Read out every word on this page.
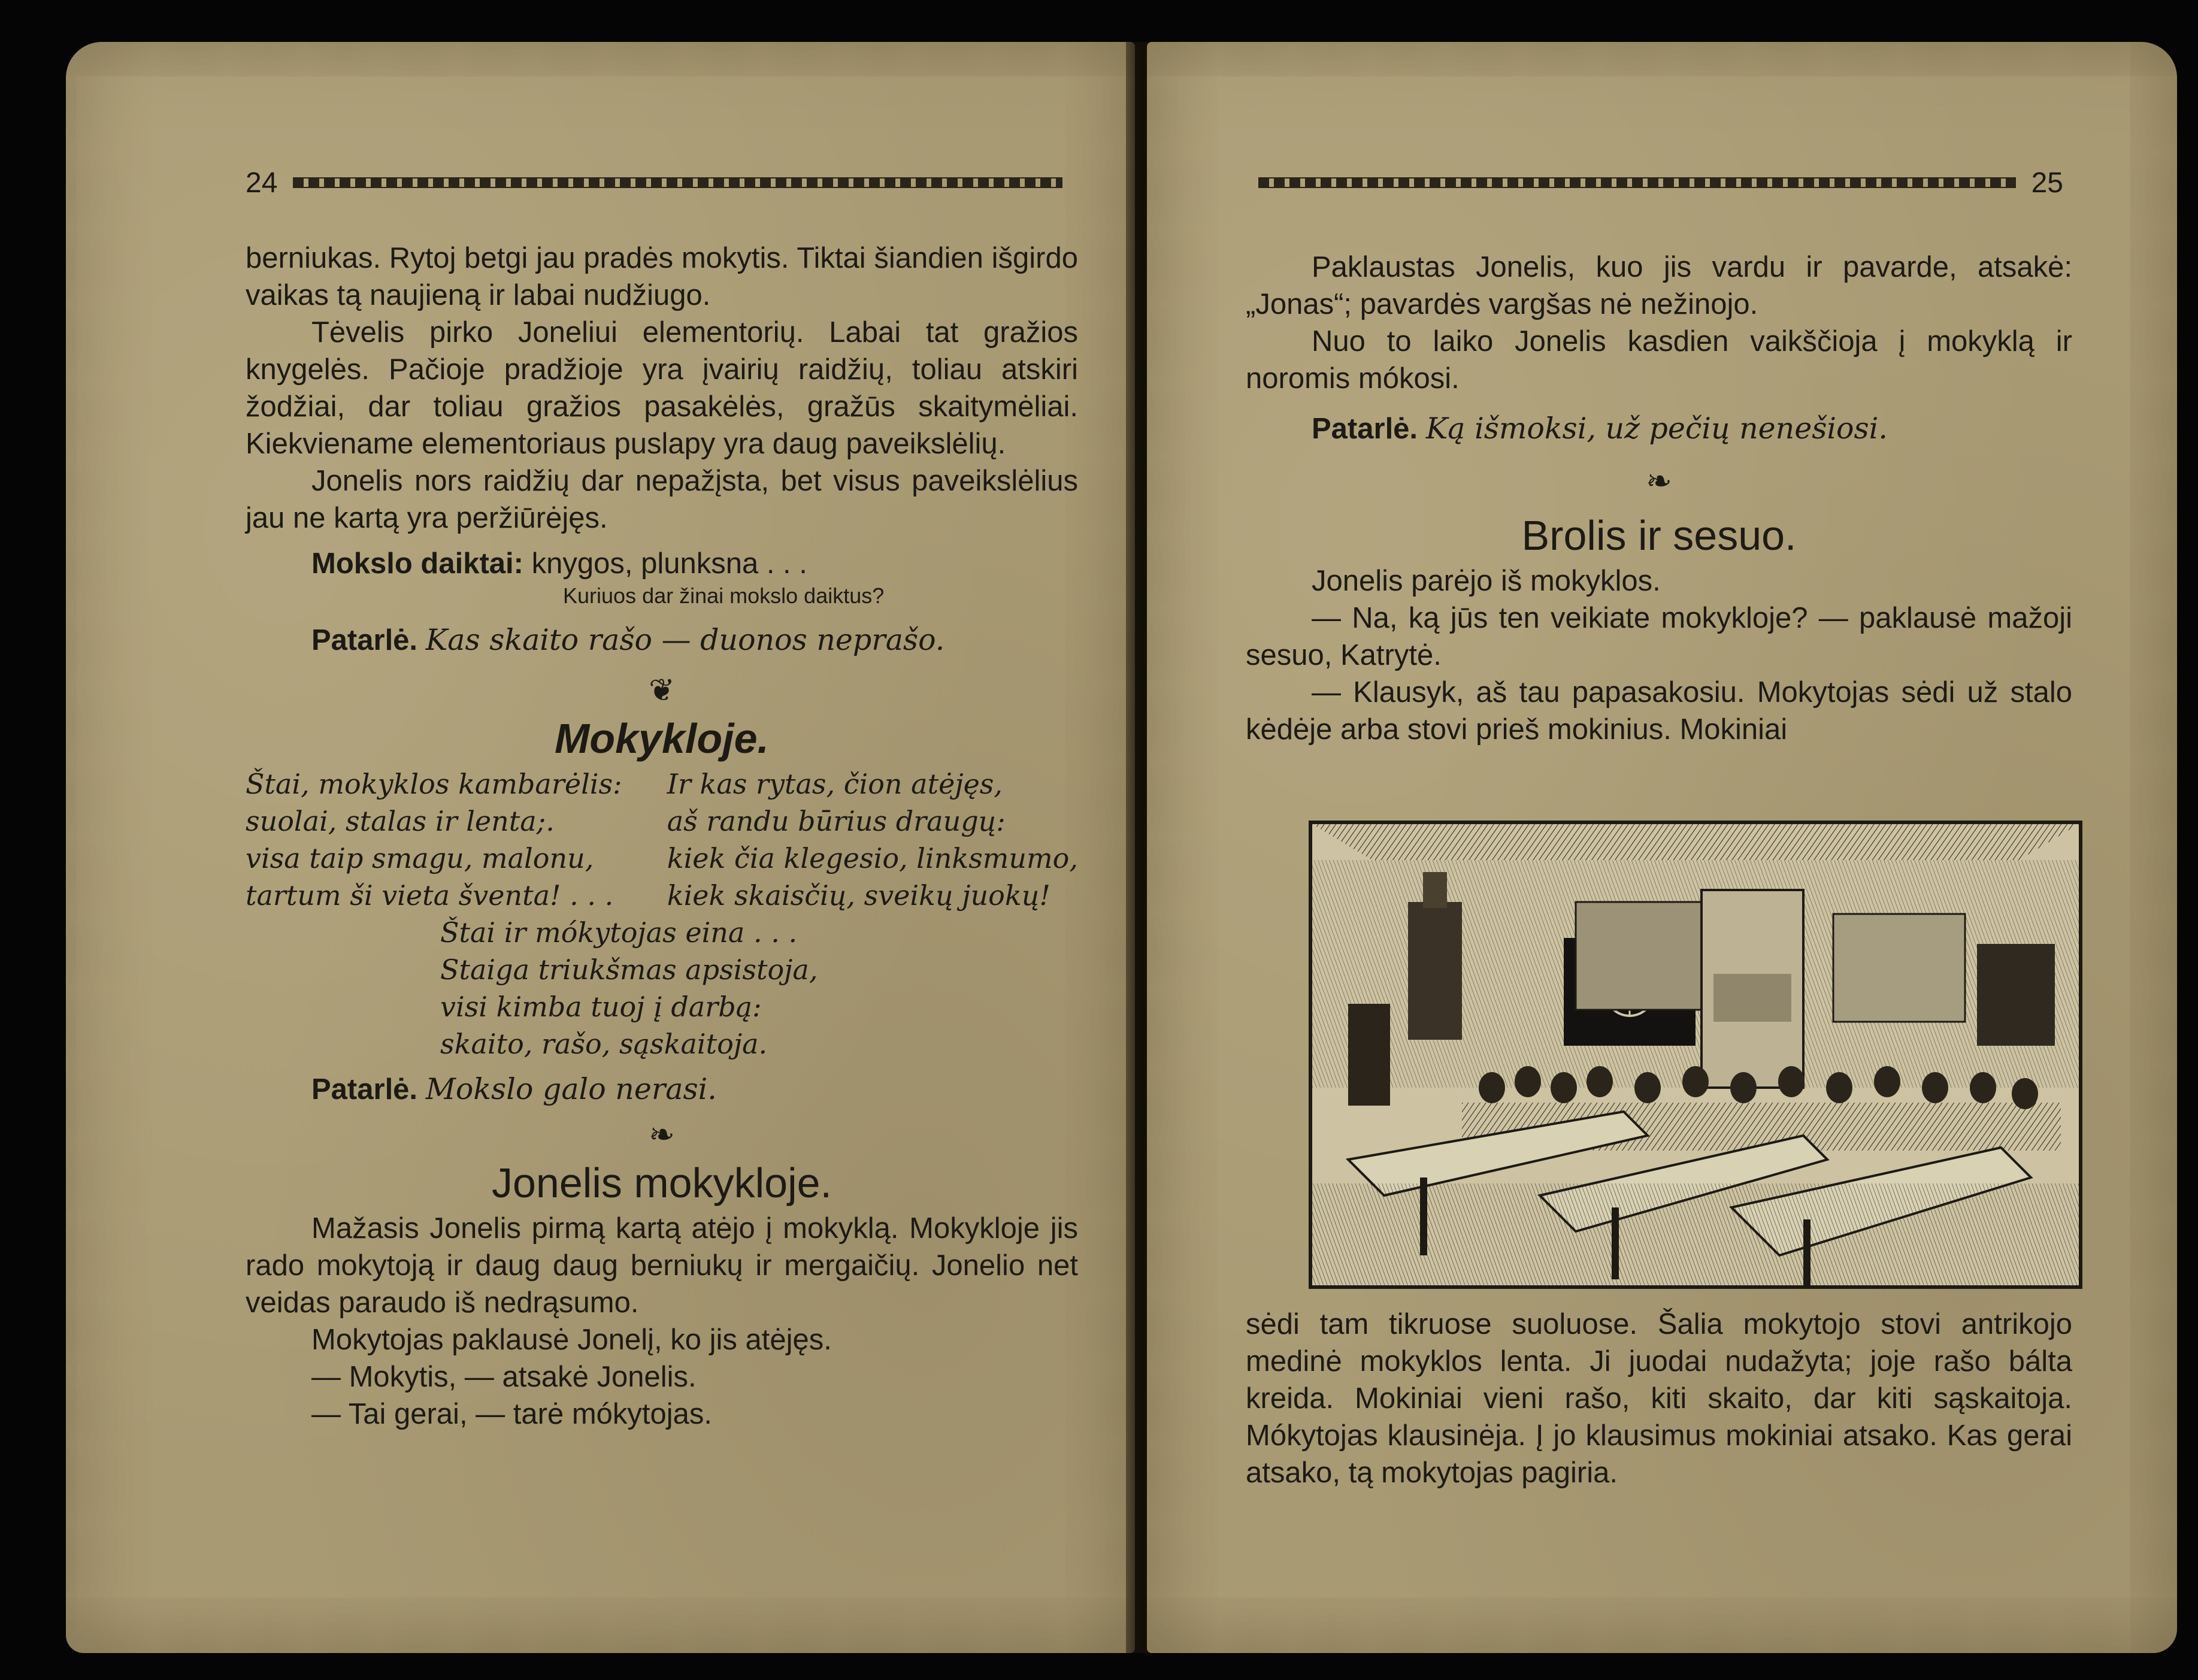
24

berniukas. Rytoj betgi jau pradės mokytis. Tiktai šiandien išgirdo vaikas tą naujieną ir labai nudžiugo.

Tėvelis pirko Joneliui elementorių. Labai tat gražios knygelės. Pačioje pradžioje yra įvairių raidžių, toliau atskiri žodžiai, dar toliau gražios pasakėlės, gražūs skaitymėliai. Kiekviename elementoriaus puslapy yra daug paveikslėlių.

Jonelis nors raidžių dar nepažįsta, bet visus paveikslėlius jau ne kartą yra peržiūrėjęs.

Mokslo daiktai: knygos, plunksna . . .
Kuriuos dar žinai mokslo daiktus?
Patarlė. Kas skaito rašo — duonos neprašo.
❦
Mokykloje.
Štai, mokyklos kambarėlis:
suolai, stalas ir lenta;.
visa taip smagu, malonu,
tartum ši vieta šventa! . . .
Ir kas rytas, čion atėjęs,
aš randu būrius draugų:
kiek čia klegesio, linksmumo,
kiek skaisčių, sveikų juokų!
Štai ir mókytojas eina . . .
Staiga triukšmas apsistoja,
visi kimba tuoj į darbą:
skaito, rašo, sąskaitoja.
Patarlė. Mokslo galo nerasi.
❧
Jonelis mokykloje.

Mažasis Jonelis pirmą kartą atėjo į mokyklą. Mokykloje jis rado mokytoją ir daug daug berniukų ir mergaičių. Jonelio net veidas paraudo iš nedrąsumo.

Mokytojas paklausė Jonelį, ko jis atėjęs.

— Mokytis, — atsakė Jonelis.

— Tai gerai, — tarė mókytojas.

25

Paklaustas Jonelis, kuo jis vardu ir pavarde, atsakė: „Jonas“; pavardės vargšas nė nežinojo.

Nuo to laiko Jonelis kasdien vaikščioja į mokyklą ir noromis mókosi.

Patarlė. Ką išmoksi, už pečių nenešiosi.
❧
Brolis ir sesuo.

Jonelis parėjo iš mokyklos.

— Na, ką jūs ten veikiate mokykloje? — paklausė mažoji sesuo, Katrytė.

— Klausyk, aš tau papasakosiu. Mokytojas sėdi už stalo kėdėje arba stovi prieš mokinius. Mokiniai

sėdi tam tikruose suoluose. Šalia mokytojo stovi antrikojo medinė mokyklos lenta. Ji juodai nudažyta; joje rašo bálta kreida. Mokiniai vieni rašo, kiti skaito, dar kiti sąskaitoja. Mókytojas klausinėja. Į jo klausimus mokiniai atsako. Kas gerai atsako, tą mokytojas pagiria.
